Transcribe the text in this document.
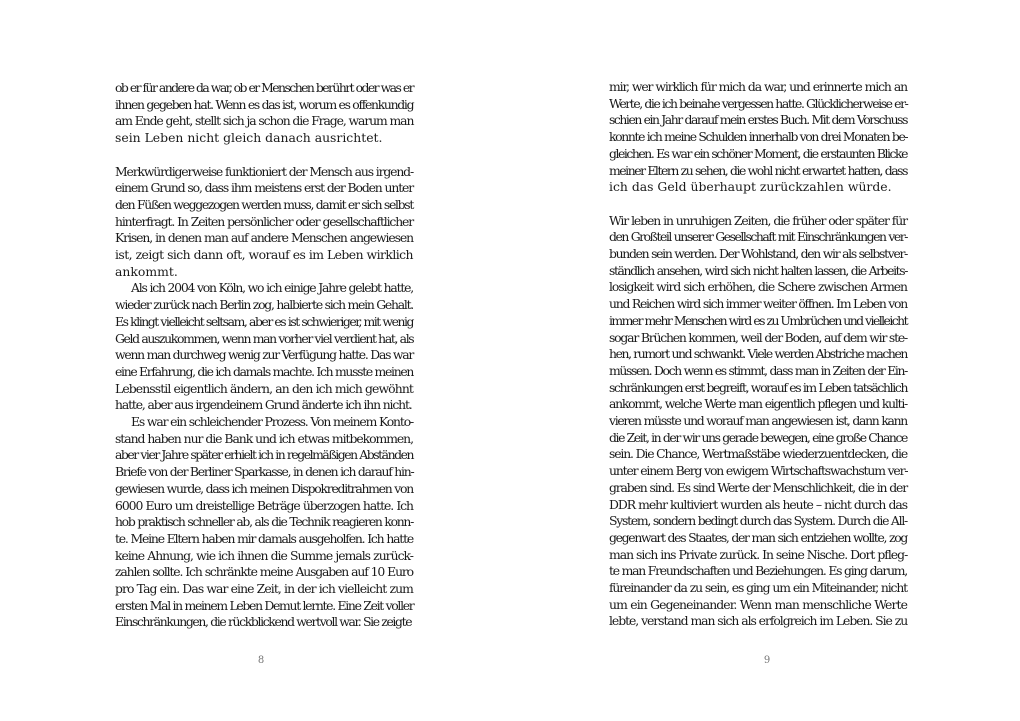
ob er für andere da war, ob er Menschen berührt oder was er
ihnen gegeben hat. Wenn es das ist, worum es offenkundig
am Ende geht, stellt sich ja schon die Frage, warum man
sein Leben nicht gleich danach ausrichtet.
Merkwürdigerweise funktioniert der Mensch aus irgend-
einem Grund so, dass ihm meistens erst der Boden unter
den Füßen weggezogen werden muss, damit er sich selbst
hinterfragt. In Zeiten persönlicher oder gesellschaftlicher
Krisen, in denen man auf andere Menschen angewiesen
ist, zeigt sich dann oft, worauf es im Leben wirklich
ankommt.
Als ich 2004 von Köln, wo ich einige Jahre gelebt hatte,
wieder zurück nach Berlin zog, halbierte sich mein Gehalt.
Es klingt vielleicht seltsam, aber es ist schwieriger, mit wenig
Geld auszukommen, wenn man vorher viel verdient hat, als
wenn man durchweg wenig zur Verfügung hatte. Das war
eine Erfahrung, die ich damals machte. Ich musste meinen
Lebensstil eigentlich ändern, an den ich mich gewöhnt
hatte, aber aus irgendeinem Grund änderte ich ihn nicht.
Es war ein schleichender Prozess. Von meinem Konto-
stand haben nur die Bank und ich etwas mitbekommen,
aber vier Jahre später erhielt ich in regelmäßigen Abständen
Briefe von der Berliner Sparkasse, in denen ich darauf hin-
gewiesen wurde, dass ich meinen Dispokreditrahmen von
6000 Euro um dreistellige Beträge überzogen hatte. Ich
hob praktisch schneller ab, als die Technik reagieren konn-
te. Meine Eltern haben mir damals ausgeholfen. Ich hatte
keine Ahnung, wie ich ihnen die Summe jemals zurück-
zahlen sollte. Ich schränkte meine Ausgaben auf 10 Euro
pro Tag ein. Das war eine Zeit, in der ich vielleicht zum
ersten Mal in meinem Leben Demut lernte. Eine Zeit voller
Einschränkungen, die rückblickend wertvoll war. Sie zeigte
8
mir, wer wirklich für mich da war, und erinnerte mich an
Werte, die ich beinahe vergessen hatte. Glücklicherweise er-
schien ein Jahr darauf mein erstes Buch. Mit dem Vorschuss
konnte ich meine Schulden innerhalb von drei Monaten be-
gleichen. Es war ein schöner Moment, die erstaunten Blicke
meiner Eltern zu sehen, die wohl nicht erwartet hatten, dass
ich das Geld überhaupt zurückzahlen würde.
Wir leben in unruhigen Zeiten, die früher oder später für
den Großteil unserer Gesellschaft mit Einschränkungen ver-
bunden sein werden. Der Wohlstand, den wir als selbstver-
ständlich ansehen, wird sich nicht halten lassen, die Arbeits-
losigkeit wird sich erhöhen, die Schere zwischen Armen
und Reichen wird sich immer weiter öffnen. Im Leben von
immer mehr Menschen wird es zu Umbrüchen und vielleicht
sogar Brüchen kommen, weil der Boden, auf dem wir ste-
hen, rumort und schwankt. Viele werden Abstriche machen
müssen. Doch wenn es stimmt, dass man in Zeiten der Ein-
schränkungen erst begreift, worauf es im Leben tatsächlich
ankommt, welche Werte man eigentlich pflegen und kulti-
vieren müsste und worauf man angewiesen ist, dann kann
die Zeit, in der wir uns gerade bewegen, eine große Chance
sein. Die Chance, Wertmaßstäbe wiederzuentdecken, die
unter einem Berg von ewigem Wirtschaftswachstum ver-
graben sind. Es sind Werte der Menschlichkeit, die in der
DDR mehr kultiviert wurden als heute – nicht durch das
System, sondern bedingt durch das System. Durch die All-
gegenwart des Staates, der man sich entziehen wollte, zog
man sich ins Private zurück. In seine Nische. Dort pfleg-
te man Freundschaften und Beziehungen. Es ging darum,
füreinander da zu sein, es ging um ein Miteinander, nicht
um ein Gegeneinander. Wenn man menschliche Werte
lebte, verstand man sich als erfolgreich im Leben. Sie zu
9
